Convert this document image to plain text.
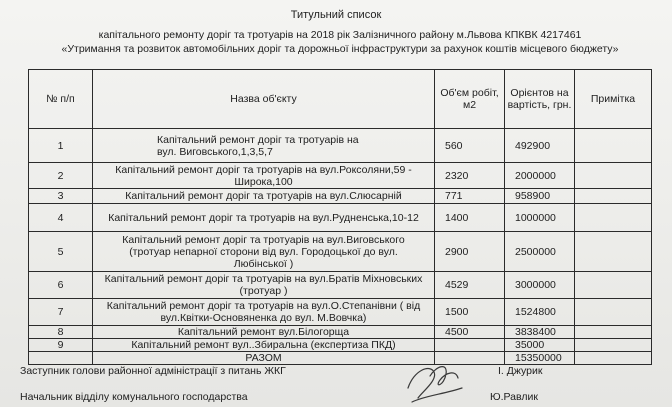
Титульний список
капітального ремонту доріг та тротуарів на 2018 рік Залізничного району м.Львова КПКВК 4217461
«Утримання та розвиток автомобільних доріг та дорожньої інфраструктури за рахунок коштів місцевого бюджету»
№ п/п	Назва об'єкту	Об'єм робіт, м2	Орієнтов на вартість, грн.	Примітка
1	Капітальний ремонт доріг та тротуарів на вул. Виговського,1,3,5,7	560	492900	
2	Капітальний ремонт доріг та тротуарів на вул.Роксоляни,59 - Широка,100	2320	2000000	
3	Капітальний ремонт доріг та тротуарів на вул.Слюсарній	771	958900	
4	Капітальний ремонт доріг та тротуарів на вул.Рудненська,10-12	1400	1000000	
5	Капітальний ремонт доріг та тротуарів на вул.Виговського (тротуар непарної сторони від вул. Городоцької до вул. Любінської )	2900	2500000	
6	Капітальний ремонт доріг та тротуарів на вул.Братів Міхновських (тротуар )	4529	3000000	
7	Капітальний ремонт доріг та тротуарів на вул.О.Степанівни ( від вул.Квітки-Основяненка до вул. М.Вовчка)	1500	1524800	
8	Капітальний ремонт вул.Білогорща	4500	3838400	
9	Капітальний ремонт вул..Збиральна (експертиза ПКД)		35000	
	РАЗОМ		15350000	
Заступник голови районної адміністрації з питань ЖКГ	І. Джурик
Начальник відділу комунального господарства	Ю.Равлик
